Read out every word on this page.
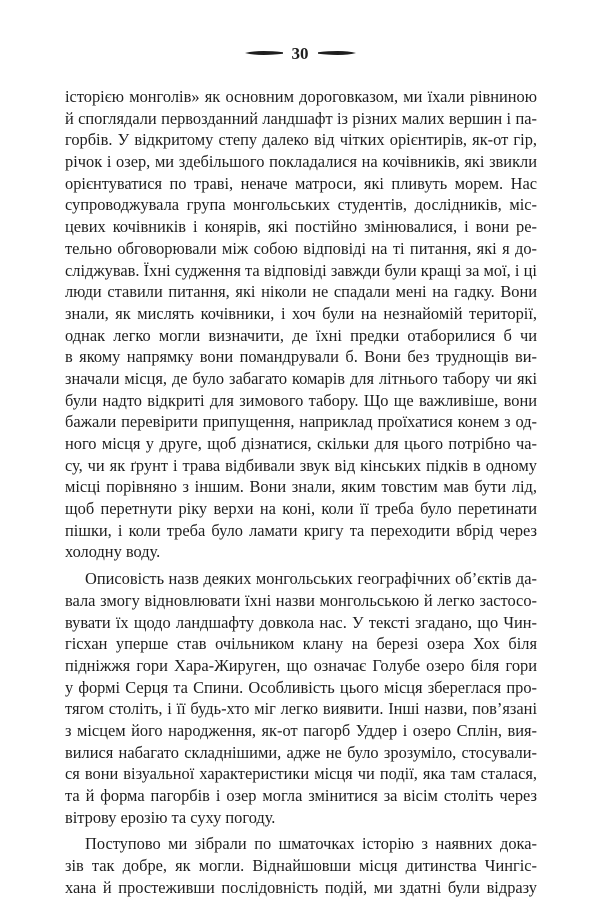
30
історією монголів» як основним дороговказом, ми їхали рівниною
й споглядали первозданний ландшафт із різних малих вершин і па-
горбів. У відкритому степу далеко від чітких орієнтирів, як-от гір,
річок і озер, ми здебільшого покладалися на кочівників, які звикли
орієнтуватися по траві, неначе матроси, які пливуть морем. Нас
супроводжувала група монгольських студентів, дослідників, міс-
цевих кочівників і конярів, які постійно змінювалися, і вони ре-
тельно обговорювали між собою відповіді на ті питання, які я до-
сліджував. Їхні судження та відповіді завжди були кращі за мої, і ці
люди ставили питання, які ніколи не спадали мені на гадку. Вони
знали, як мислять кочівники, і хоч були на незнайомій території,
однак легко могли визначити, де їхні предки отаборилися б чи
в якому напрямку вони помандрували б. Вони без труднощів ви-
значали місця, де було забагато комарів для літнього табору чи які
були надто відкриті для зимового табору. Що ще важливіше, вони
бажали перевірити припущення, наприклад проїхатися конем з од-
ного місця у друге, щоб дізнатися, скільки для цього потрібно ча-
су, чи як ґрунт і трава відбивали звук від кінських підків в одному
місці порівняно з іншим. Вони знали, яким товстим мав бути лід,
щоб перетнути ріку верхи на коні, коли її треба було перетинати
пішки, і коли треба було ламати кригу та переходити вбрід через
холодну воду.
Описовість назв деяких монгольських географічних об’єктів да-
вала змогу відновлювати їхні назви монгольською й легко застосо-
вувати їх щодо ландшафту довкола нас. У тексті згадано, що Чин-
гісхан уперше став очільником клану на березі озера Хох біля
підніжжя гори Хара-Жируген, що означає Голубе озеро біля гори
у формі Серця та Спини. Особливість цього місця збереглася про-
тягом століть, і її будь-хто міг легко виявити. Інші назви, пов’язані
з місцем його народження, як-от пагорб Уддер і озеро Сплін, вия-
вилися набагато складнішими, адже не було зрозуміло, стосували-
ся вони візуальної характеристики місця чи події, яка там сталася,
та й форма пагорбів і озер могла змінитися за вісім століть через
вітрову ерозію та суху погоду.
Поступово ми зібрали по шматочках історію з наявних дока-
зів так добре, як могли. Віднайшовши місця дитинства Чингіс-
хана й простеживши послідовність подій, ми здатні були відразу
